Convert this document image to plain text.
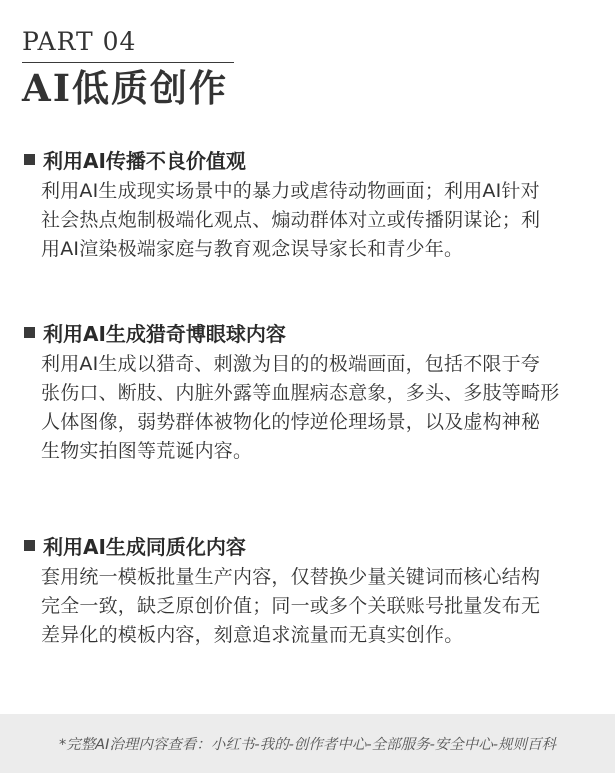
PART 04
AI低质创作
利用AI传播不良价值观
利用AI生成现实场景中的暴力或虐待动物画面；利用AI针对
社会热点炮制极端化观点、煽动群体对立或传播阴谋论；利
用AI渲染极端家庭与教育观念误导家长和青少年。
利用AI生成猎奇博眼球内容
利用AI生成以猎奇、刺激为目的的极端画面，包括不限于夸
张伤口、断肢、内脏外露等血腥病态意象，多头、多肢等畸形
人体图像，弱势群体被物化的悖逆伦理场景，以及虚构神秘
生物实拍图等荒诞内容。
利用AI生成同质化内容
套用统一模板批量生产内容，仅替换少量关键词而核心结构
完全一致，缺乏原创价值；同一或多个关联账号批量发布无
差异化的模板内容，刻意追求流量而无真实创作。
*完整AI治理内容查看：小红书-我的-创作者中心-全部服务-安全中心-规则百科
